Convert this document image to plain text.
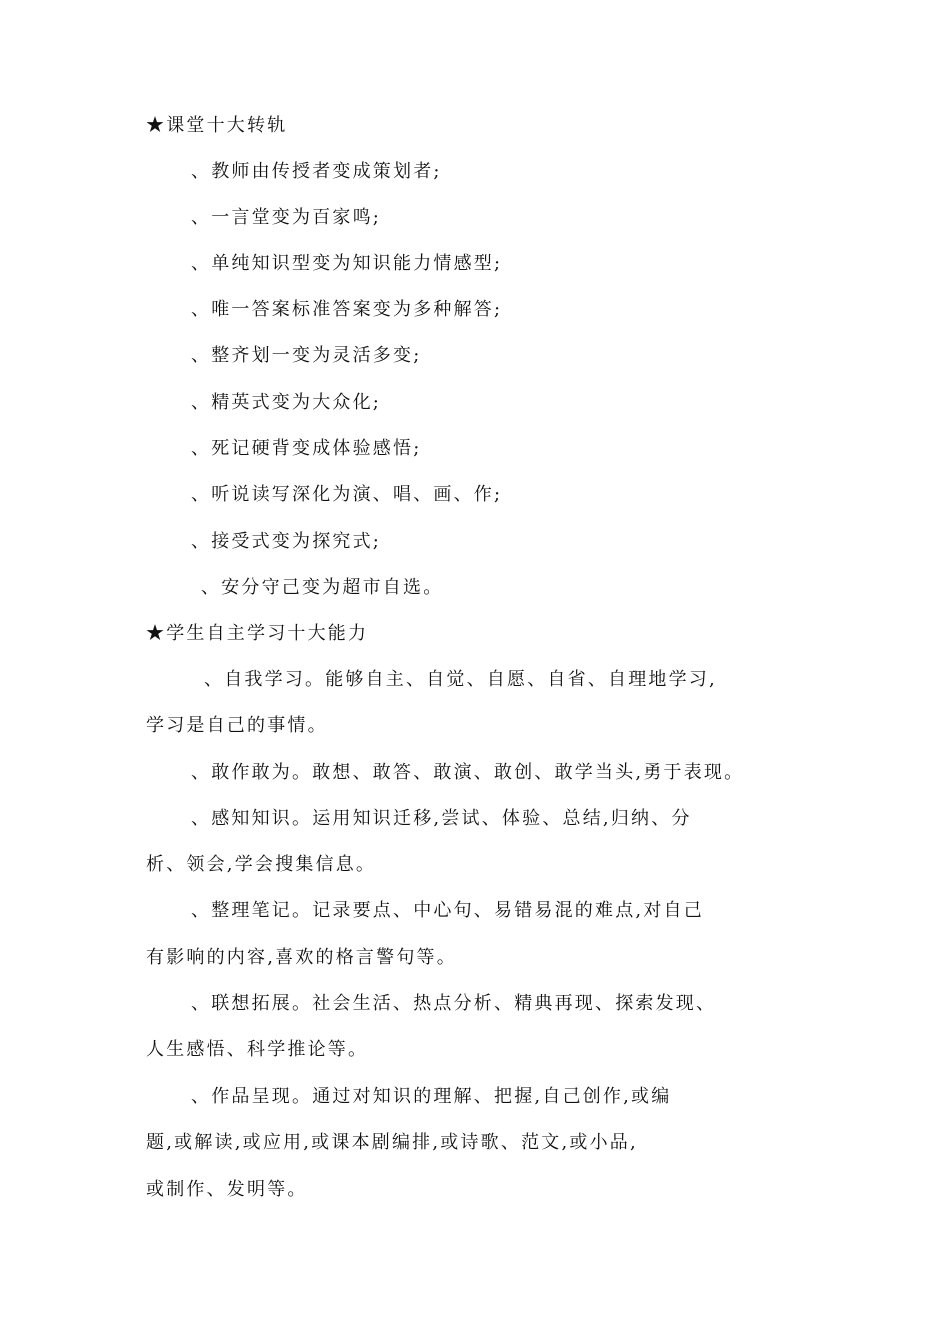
★课堂十大转轨
、教师由传授者变成策划者;
、一言堂变为百家鸣;
、单纯知识型变为知识能力情感型;
、唯一答案标准答案变为多种解答;
、整齐划一变为灵活多变;
、精英式变为大众化;
、死记硬背变成体验感悟;
、听说读写深化为演、唱、画、作;
、接受式变为探究式;
、安分守己变为超市自选。
★学生自主学习十大能力
、自我学习。能够自主、自觉、自愿、自省、自理地学习,
学习是自己的事情。
、敢作敢为。敢想、敢答、敢演、敢创、敢学当头,勇于表现。
、感知知识。运用知识迁移,尝试、体验、总结,归纳、分
析、领会,学会搜集信息。
、整理笔记。记录要点、中心句、易错易混的难点,对自己
有影响的内容,喜欢的格言警句等。
、联想拓展。社会生活、热点分析、精典再现、探索发现、
人生感悟、科学推论等。
、作品呈现。通过对知识的理解、把握,自己创作,或编
题,或解读,或应用,或课本剧编排,或诗歌、范文,或小品,
或制作、发明等。
